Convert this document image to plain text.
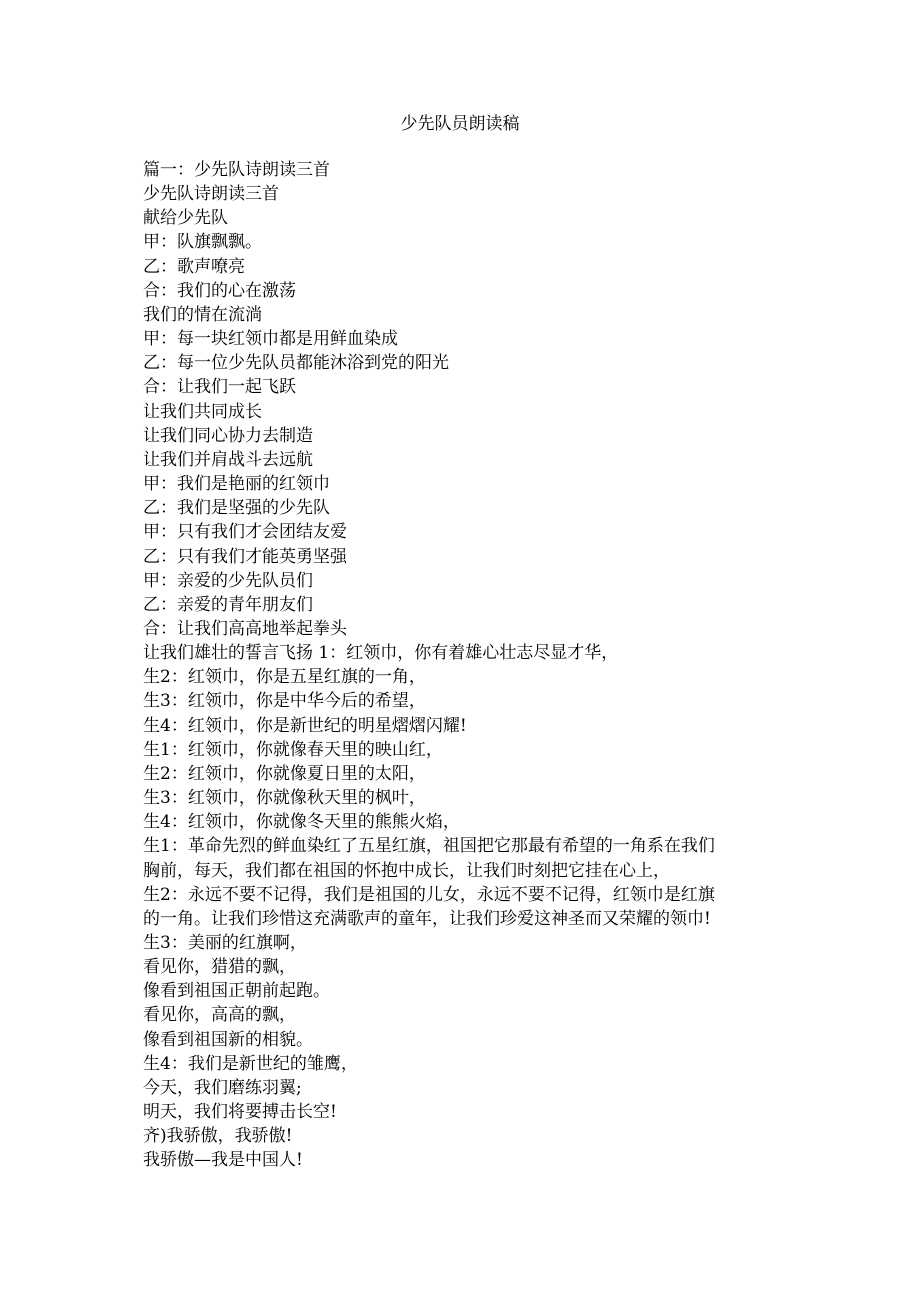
少先队员朗读稿
篇一：少先队诗朗读三首
少先队诗朗读三首
献给少先队
甲：队旗飘飘。
乙：歌声嘹亮
合：我们的心在激荡
我们的情在流淌
甲：每一块红领巾都是用鲜血染成
乙：每一位少先队员都能沐浴到党的阳光
合：让我们一起飞跃
让我们共同成长
让我们同心协力去制造
让我们并肩战斗去远航
甲：我们是艳丽的红领巾
乙：我们是坚强的少先队
甲：只有我们才会团结友爱
乙：只有我们才能英勇坚强
甲：亲爱的少先队员们
乙：亲爱的青年朋友们
合：让我们高高地举起拳头
让我们雄壮的誓言飞扬 1：红领巾，你有着雄心壮志尽显才华，
生2：红领巾，你是五星红旗的一角，
生3：红领巾，你是中华今后的希望，
生4：红领巾，你是新世纪的明星熠熠闪耀!
生1：红领巾，你就像春天里的映山红，
生2：红领巾，你就像夏日里的太阳，
生3：红领巾，你就像秋天里的枫叶，
生4：红领巾，你就像冬天里的熊熊火焰，
生1：革命先烈的鲜血染红了五星红旗，祖国把它那最有希望的一角系在我们
胸前，每天，我们都在祖国的怀抱中成长，让我们时刻把它挂在心上，
生2：永远不要不记得，我们是祖国的儿女，永远不要不记得，红领巾是红旗
的一角。让我们珍惜这充满歌声的童年，让我们珍爱这神圣而又荣耀的领巾!
生3：美丽的红旗啊，
看见你，猎猎的飘，
像看到祖国正朝前起跑。
看见你，高高的飘，
像看到祖国新的相貌。
生4：我们是新世纪的雏鹰，
今天，我们磨练羽翼;
明天，我们将要搏击长空!
齐)我骄傲，我骄傲!
我骄傲—我是中国人!
